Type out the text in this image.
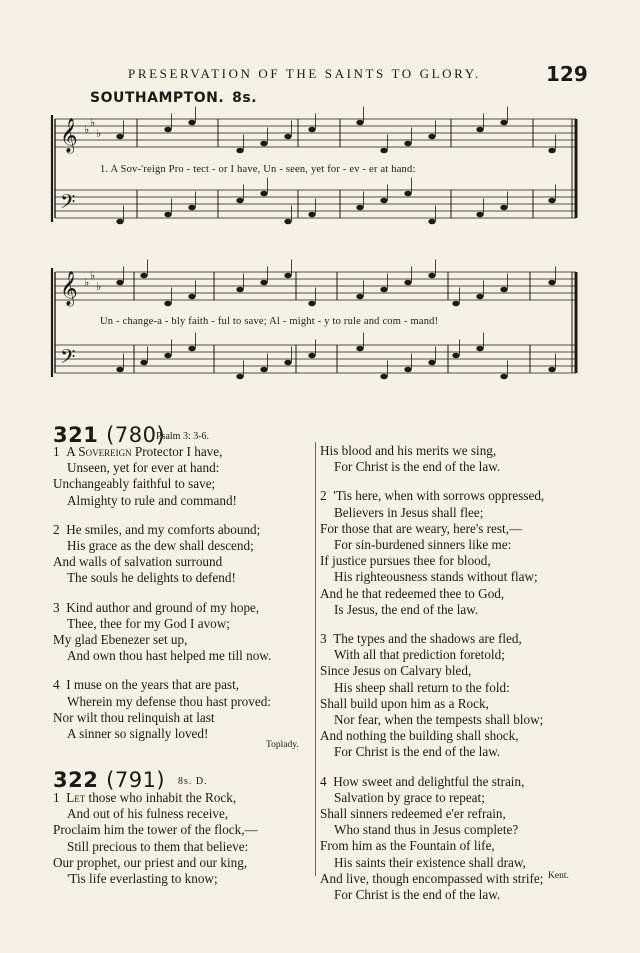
PRESERVATION OF THE SAINTS TO GLORY.	129
SOUTHAMPTON. 8s.
𝄞
𝄢
♭
♭
♭
1. A Sov-'reign Pro - tect - or I have, Un - seen, yet for - ev - er at hand:
𝄞
𝄢
♭
♭
♭
Un - change-a - bly faith - ful to save; Al - might - y to rule and com - mand!
321 (780)
Psalm 3: 3-6.
1 A Sovereign Protector I have,
Unseen, yet for ever at hand:
Unchangeably faithful to save;
Almighty to rule and command!
2 He smiles, and my comforts abound;
His grace as the dew shall descend;
And walls of salvation surround
The souls he delights to defend!
3 Kind author and ground of my hope,
Thee, thee for my God I avow;
My glad Ebenezer set up,
And own thou hast helped me till now.
4 I muse on the years that are past,
Wherein my defense thou hast proved:
Nor wilt thou relinquish at last
A sinner so signally loved!
Toplady.
322 (791) 8s. D.
1 Let those who inhabit the Rock,
And out of his fulness receive,
Proclaim him the tower of the flock,—
Still precious to them that believe:
Our prophet, our priest and our king,
'Tis life everlasting to know;
His blood and his merits we sing,
For Christ is the end of the law.
2 'Tis here, when with sorrows oppressed,
Believers in Jesus shall flee;
For those that are weary, here's rest,—
For sin-burdened sinners like me:
If justice pursues thee for blood,
His righteousness stands without flaw;
And he that redeemed thee to God,
Is Jesus, the end of the law.
3 The types and the shadows are fled,
With all that prediction foretold;
Since Jesus on Calvary bled,
His sheep shall return to the fold:
Shall build upon him as a Rock,
Nor fear, when the tempests shall blow;
And nothing the building shall shock,
For Christ is the end of the law.
4 How sweet and delightful the strain,
Salvation by grace to repeat;
Shall sinners redeemed e'er refrain,
Who stand thus in Jesus complete?
From him as the Fountain of life,
His saints their existence shall draw,
And live, though encompassed with strife;
For Christ is the end of the law.
Kent.
